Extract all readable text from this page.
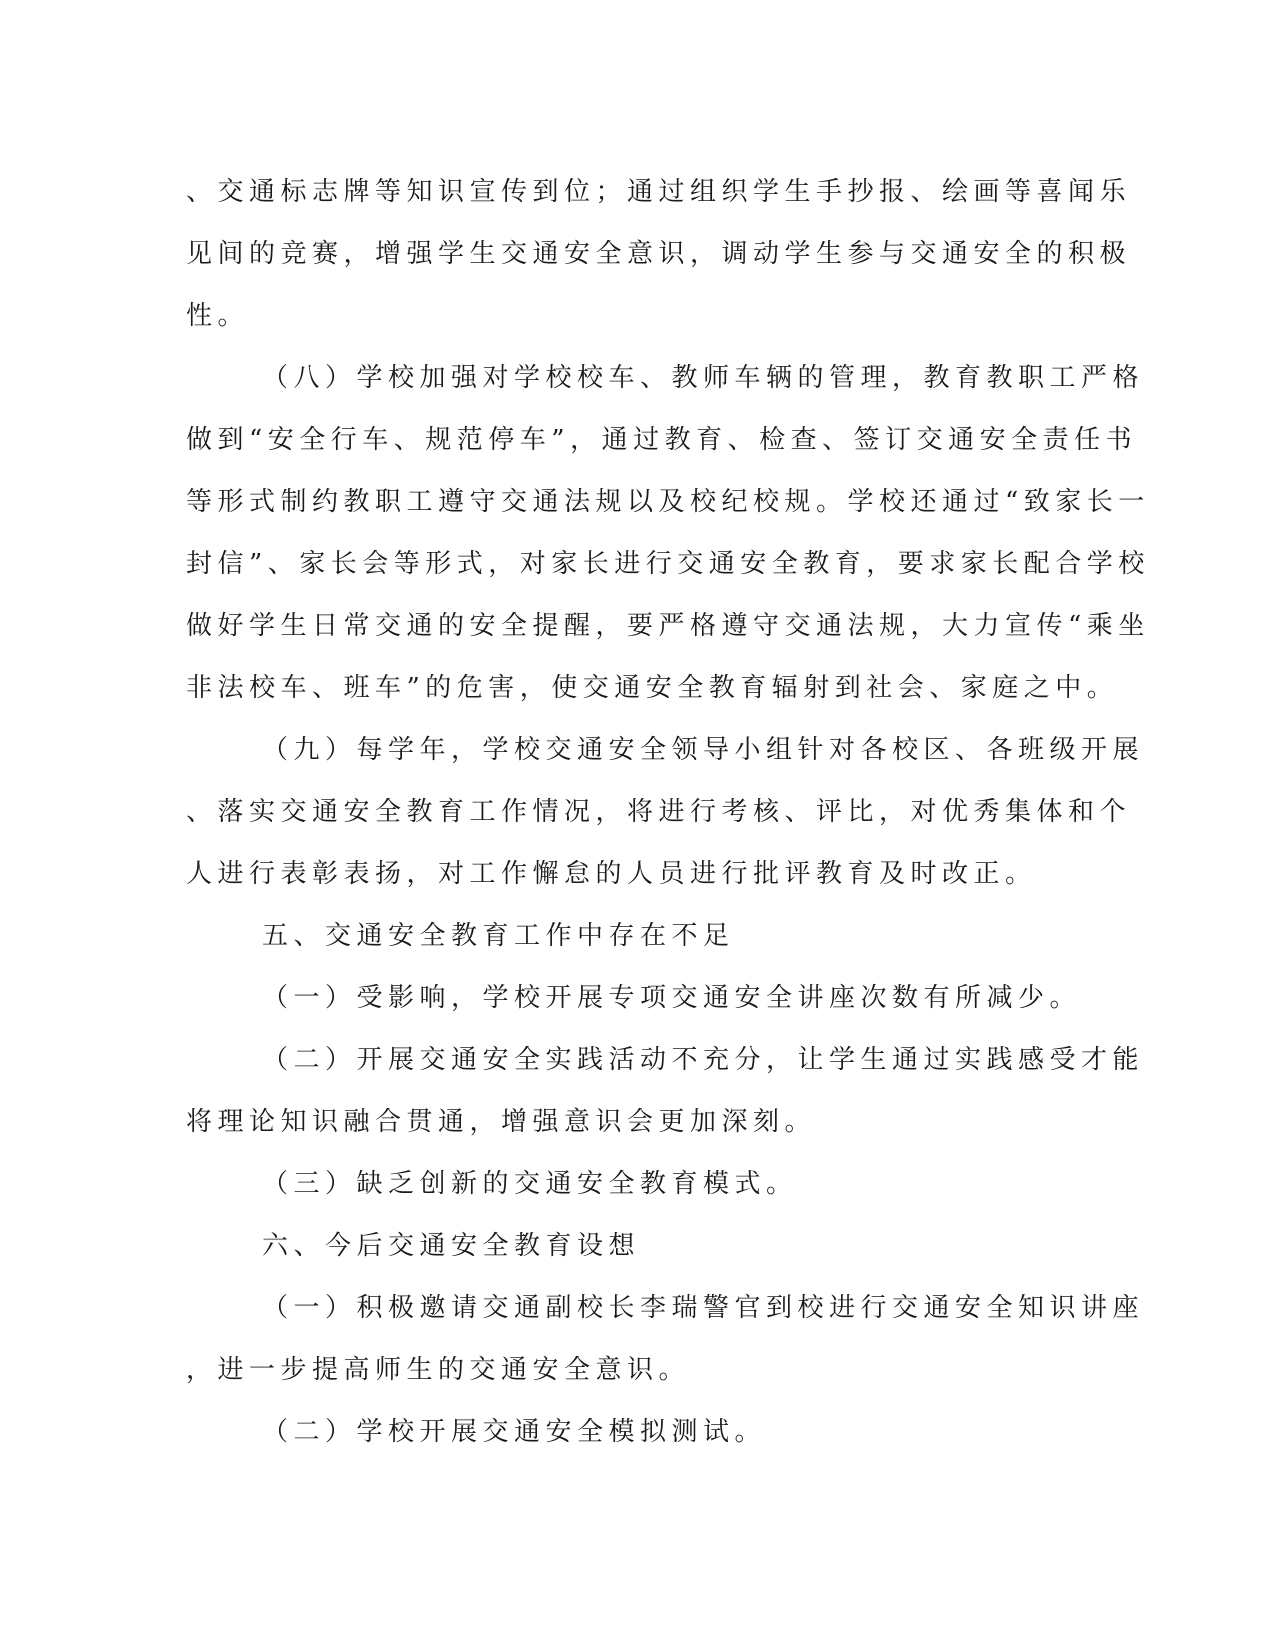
、交通标志牌等知识宣传到位；通过组织学生手抄报、绘画等喜闻乐
见间的竞赛，增强学生交通安全意识，调动学生参与交通安全的积极
性。
（八）学校加强对学校校车、教师车辆的管理，教育教职工严格
做到“安全行车、规范停车”，通过教育、检查、签订交通安全责任书
等形式制约教职工遵守交通法规以及校纪校规。学校还通过“致家长一
封信”、家长会等形式，对家长进行交通安全教育，要求家长配合学校
做好学生日常交通的安全提醒，要严格遵守交通法规，大力宣传“乘坐
非法校车、班车”的危害，使交通安全教育辐射到社会、家庭之中。
（九）每学年，学校交通安全领导小组针对各校区、各班级开展
、落实交通安全教育工作情况，将进行考核、评比，对优秀集体和个
人进行表彰表扬，对工作懈怠的人员进行批评教育及时改正。
五、交通安全教育工作中存在不足
（一）受影响，学校开展专项交通安全讲座次数有所减少。
（二）开展交通安全实践活动不充分，让学生通过实践感受才能
将理论知识融合贯通，增强意识会更加深刻。
（三）缺乏创新的交通安全教育模式。
六、今后交通安全教育设想
（一）积极邀请交通副校长李瑞警官到校进行交通安全知识讲座
，进一步提高师生的交通安全意识。
（二）学校开展交通安全模拟测试。
